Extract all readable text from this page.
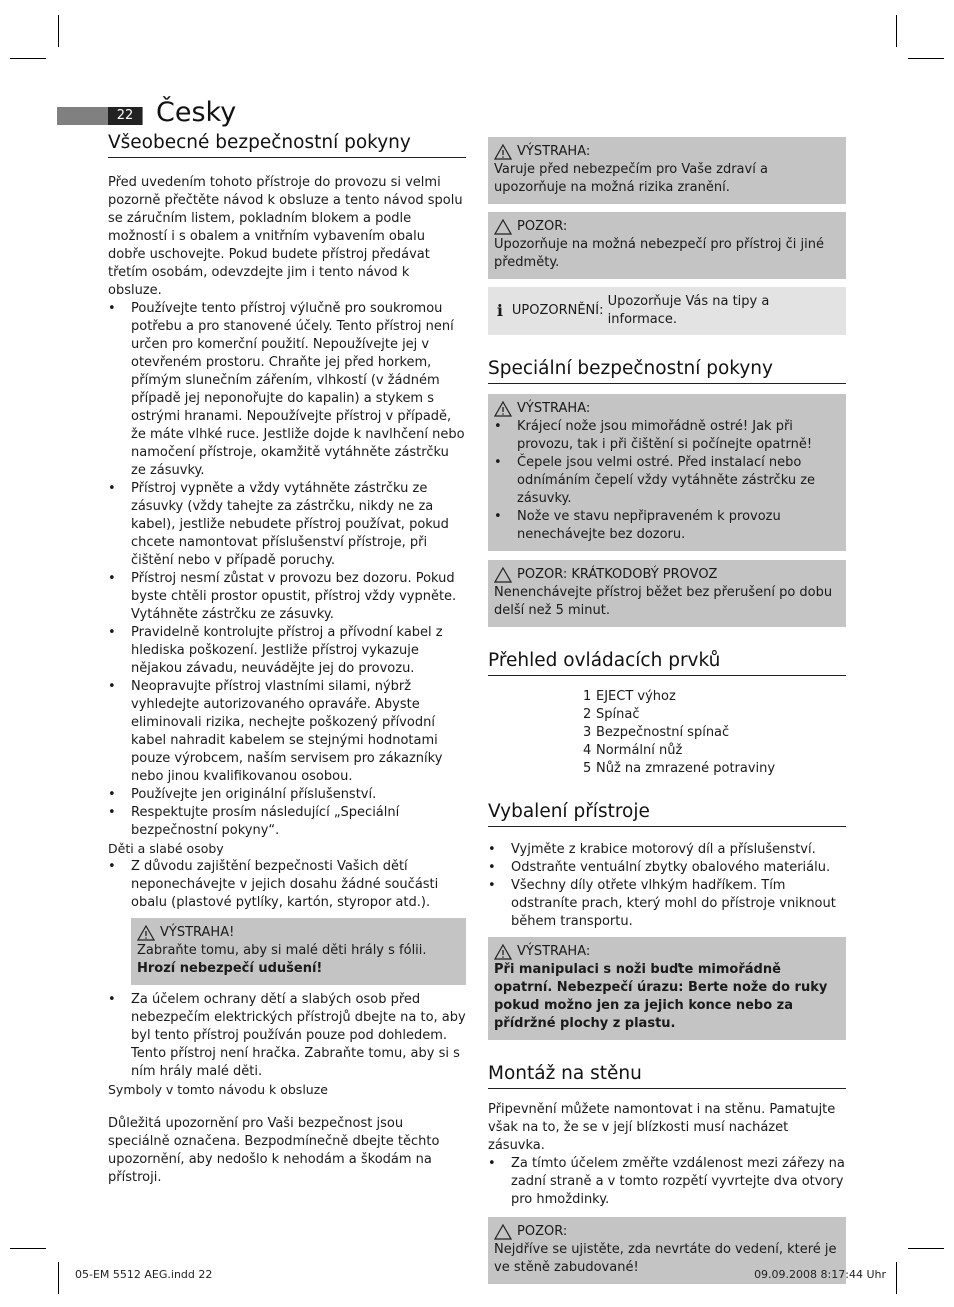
22 Česky
Všeobecné bezpečnostní pokyny

Před uvedením tohoto přístroje do provozu si velmi pozorně přečtěte návod k obsluze a tento návod spolu se záručním listem, pokladním blokem a podle možností i s obalem a vnitřním vybavením obalu dobře uschovejte. Pokud budete přístroj předávat třetím osobám, odevzdejte jim i tento návod k obsluze.

• Používejte tento přístroj výlučně pro soukromou potřebu a pro stanovené účely. Tento přístroj není určen pro komerční použití. Nepoužívejte jej v otevřeném prostoru. Chraňte jej před horkem, přímým slunečním zářením, vlhkostí (v žádném případě jej neponořujte do kapalin) a stykem s ostrými hranami. Nepoužívejte přístroj v případě, že máte vlhké ruce. Jestliže dojde k navlhčení nebo namočení přístroje, okamžitě vytáhněte zástrčku ze zásuvky.
• Přístroj vypněte a vždy vytáhněte zástrčku ze zásuvky (vždy tahejte za zástrčku, nikdy ne za kabel), jestliže nebudete přístroj používat, pokud chcete namontovat příslušenství přístroje, při čištění nebo v případě poruchy.
• Přístroj nesmí zůstat v provozu bez dozoru. Pokud byste chtěli prostor opustit, přístroj vždy vypněte. Vytáhněte zástrčku ze zásuvky.
• Pravidelně kontrolujte přístroj a přívodní kabel z hlediska poškození. Jestliže přístroj vykazuje nějakou závadu, neuvádějte jej do provozu.
• Neopravujte přístroj vlastními silami, nýbrž vyhledejte autorizovaného opraváře. Abyste eliminovali rizika, nechejte poškozený přívodní kabel nahradit kabelem se stejnými hodnotami pouze výrobcem, naším servisem pro zákazníky nebo jinou kvalifikovanou osobou.
• Používejte jen originální příslušenství.
• Respektujte prosím následující „Speciální bezpečnostní pokyny“.

Děti a slabé osoby

• Z důvodu zajištění bezpečnosti Vašich dětí neponechávejte v jejich dosahu žádné součásti obalu (plastové pytlíky, kartón, styropor atd.).
VÝSTRAHA!
Zabraňte tomu, aby si malé děti hrály s fólii.
Hrozí nebezpečí udušení!
• Za účelem ochrany dětí a slabých osob před nebezpečím elektrických přístrojů dbejte na to, aby byl tento přístroj používán pouze pod dohledem. Tento přístroj není hračka. Zabraňte tomu, aby si s ním hrály malé děti.

Symboly v tomto návodu k obsluze

Důležitá upozornění pro Vaši bezpečnost jsou speciálně označena. Bezpodmínečně dbejte těchto upozornění, aby nedošlo k nehodám a škodám na přístroji.

VÝSTRAHA:
Varuje před nebezpečím pro Vaše zdraví a upozorňuje na možná rizika zranění.
POZOR:
Upozorňuje na možná nebezpečí pro přístroj či jiné předměty.
i UPOZORNĚNÍ:

Upozorňuje Vás na tipy a informace.
Speciální bezpečnostní pokyny
VÝSTRAHA:
• Krájecí nože jsou mimořádně ostré! Jak při provozu, tak i při čištění si počínejte opatrně!
• Čepele jsou velmi ostré. Před instalací nebo odnímáním čepelí vždy vytáhněte zástrčku ze zásuvky.
• Nože ve stavu nepřipraveném k provozu nenechávejte bez dozoru.
POZOR: KRÁTKODOBÝ PROVOZ
Nenenchávejte přístroj běžet bez přerušení po dobu delší než 5 minut.
Přehled ovládacích prvků
1 EJECT výhoz
2 Spínač
3 Bezpečnostní spínač
4 Normální nůž
5 Nůž na zmrazené potraviny
Vybalení přístroje
• Vyjměte z krabice motorový díl a příslušenství.
• Odstraňte ventuální zbytky obalového materiálu.
• Všechny díly otřete vlhkým hadříkem. Tím odstraníte prach, který mohl do přístroje vniknout během transportu.
VÝSTRAHA:
Při manipulaci s noži buďte mimořádně opatrní. Nebezpečí úrazu: Berte nože do ruky pokud možno jen za jejich konce nebo za přídržné plochy z plastu.
Montáž na stěnu

Připevnění můžete namontovat i na stěnu. Pamatujte však na to, že se v její blízkosti musí nacházet zásuvka.

• Za tímto účelem změřte vzdálenost mezi zářezy na zadní straně a v tomto rozpětí vyvrtejte dva otvory pro hmoždinky.
POZOR:
Nejdříve se ujistěte, zda nevrtáte do vedení, které je ve stěně zabudované!
05-EM 5512 AEG.indd 22	09.09.2008 8:17:44 Uhr
